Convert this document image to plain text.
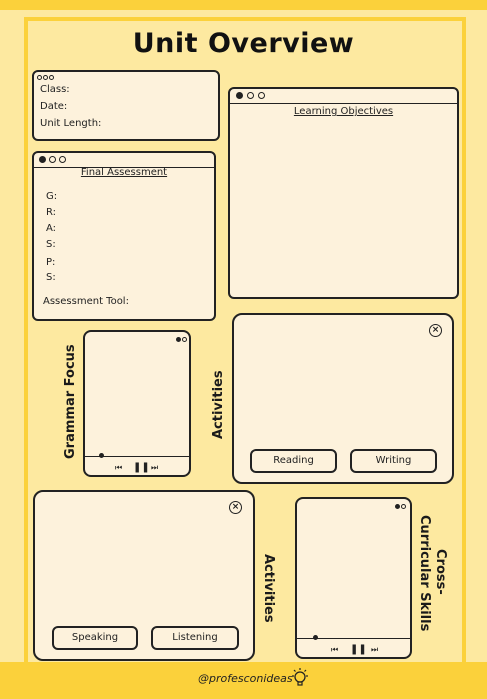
Unit Overview
Class:
Date:
Unit Length:
Learning Objectives
Final Assessment
G:
R:
A:
S:
P:
S:
Assessment Tool:
Grammar Focus
⏮ ❚❚ ⏭
Activities
×
Reading	Writing
×
Speaking	Listening
Activities
⏮ ❚❚ ⏭
Cross-
Curricular Skills
@profesconideas
